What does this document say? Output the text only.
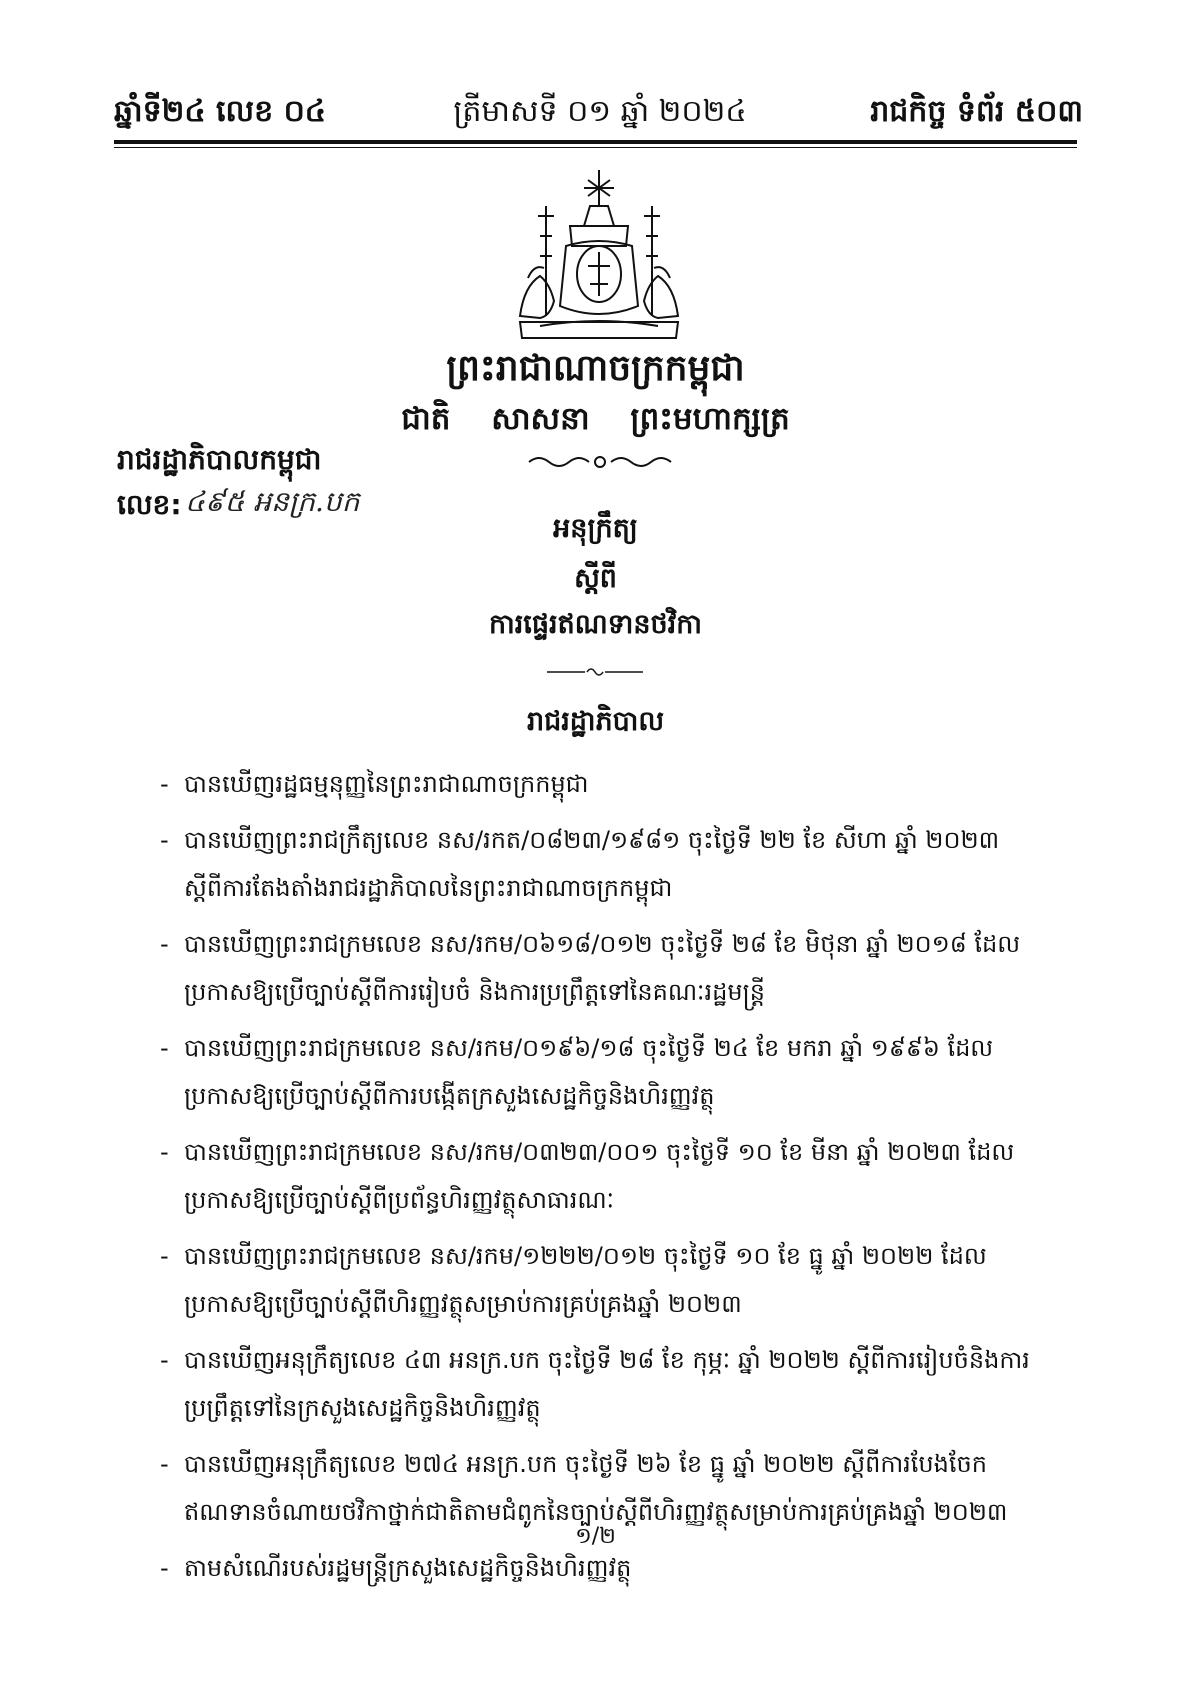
ឆ្នាំទី២៤ លេខ ០៤	ត្រីមាសទី ០១ ឆ្នាំ ២០២៤	រាជកិច្ច ទំព័រ ៥០៣
ព្រះរាជាណាចក្រកម្ពុជា
ជាតិ សាសនា ព្រះមហាក្សត្រ
រាជរដ្ឋាភិបាលកម្ពុជា
លេខ: ៤៩៥ អនក្រ.បក
អនុក្រឹត្យ
ស្តីពី
ការផ្ទេរឥណទានថវិកា
រាជរដ្ឋាភិបាល
- បានឃើញរដ្ឋធម្មនុញ្ញនៃព្រះរាជាណាចក្រកម្ពុជា
- បានឃើញព្រះរាជក្រឹត្យលេខ នស/រកត/០៨២៣/១៩៨១ ចុះថ្ងៃទី ២២ ខែ សីហា ឆ្នាំ ២០២៣ ស្តីពីការតែងតាំងរាជរដ្ឋាភិបាលនៃព្រះរាជាណាចក្រកម្ពុជា
- បានឃើញព្រះរាជក្រមលេខ នស/រកម/០៦១៨/០១២ ចុះថ្ងៃទី ២៨ ខែ មិថុនា ឆ្នាំ ២០១៨ ដែលប្រកាសឱ្យប្រើច្បាប់ស្តីពីការរៀបចំ និងការប្រព្រឹត្តទៅនៃគណៈរដ្ឋមន្ត្រី
- បានឃើញព្រះរាជក្រមលេខ នស/រកម/០១៩៦/១៨ ចុះថ្ងៃទី ២៤ ខែ មករា ឆ្នាំ ១៩៩៦ ដែលប្រកាសឱ្យប្រើច្បាប់ស្តីពីការបង្កើតក្រសួងសេដ្ឋកិច្ចនិងហិរញ្ញវត្ថុ
- បានឃើញព្រះរាជក្រមលេខ នស/រកម/០៣២៣/០០១ ចុះថ្ងៃទី ១០ ខែ មីនា ឆ្នាំ ២០២៣ ដែលប្រកាសឱ្យប្រើច្បាប់ស្តីពីប្រព័ន្ធហិរញ្ញវត្ថុសាធារណៈ
- បានឃើញព្រះរាជក្រមលេខ នស/រកម/១២២២/០១២ ចុះថ្ងៃទី ១០ ខែ ធ្នូ ឆ្នាំ ២០២២ ដែលប្រកាសឱ្យប្រើច្បាប់ស្តីពីហិរញ្ញវត្ថុសម្រាប់ការគ្រប់គ្រងឆ្នាំ ២០២៣
- បានឃើញអនុក្រឹត្យលេខ ៤៣ អនក្រ.បក ចុះថ្ងៃទី ២៨ ខែ កុម្ភៈ ឆ្នាំ ២០២២ ស្តីពីការរៀបចំនិងការប្រព្រឹត្តទៅនៃក្រសួងសេដ្ឋកិច្ចនិងហិរញ្ញវត្ថុ
- បានឃើញអនុក្រឹត្យលេខ ២៧៤ អនក្រ.បក ចុះថ្ងៃទី ២៦ ខែ ធ្នូ ឆ្នាំ ២០២២ ស្តីពីការបែងចែកឥណទានចំណាយថវិកាថ្នាក់ជាតិតាមជំពូកនៃច្បាប់ស្តីពីហិរញ្ញវត្ថុសម្រាប់ការគ្រប់គ្រងឆ្នាំ ២០២៣
- តាមសំណើរបស់រដ្ឋមន្ត្រីក្រសួងសេដ្ឋកិច្ចនិងហិរញ្ញវត្ថុ
១/២
